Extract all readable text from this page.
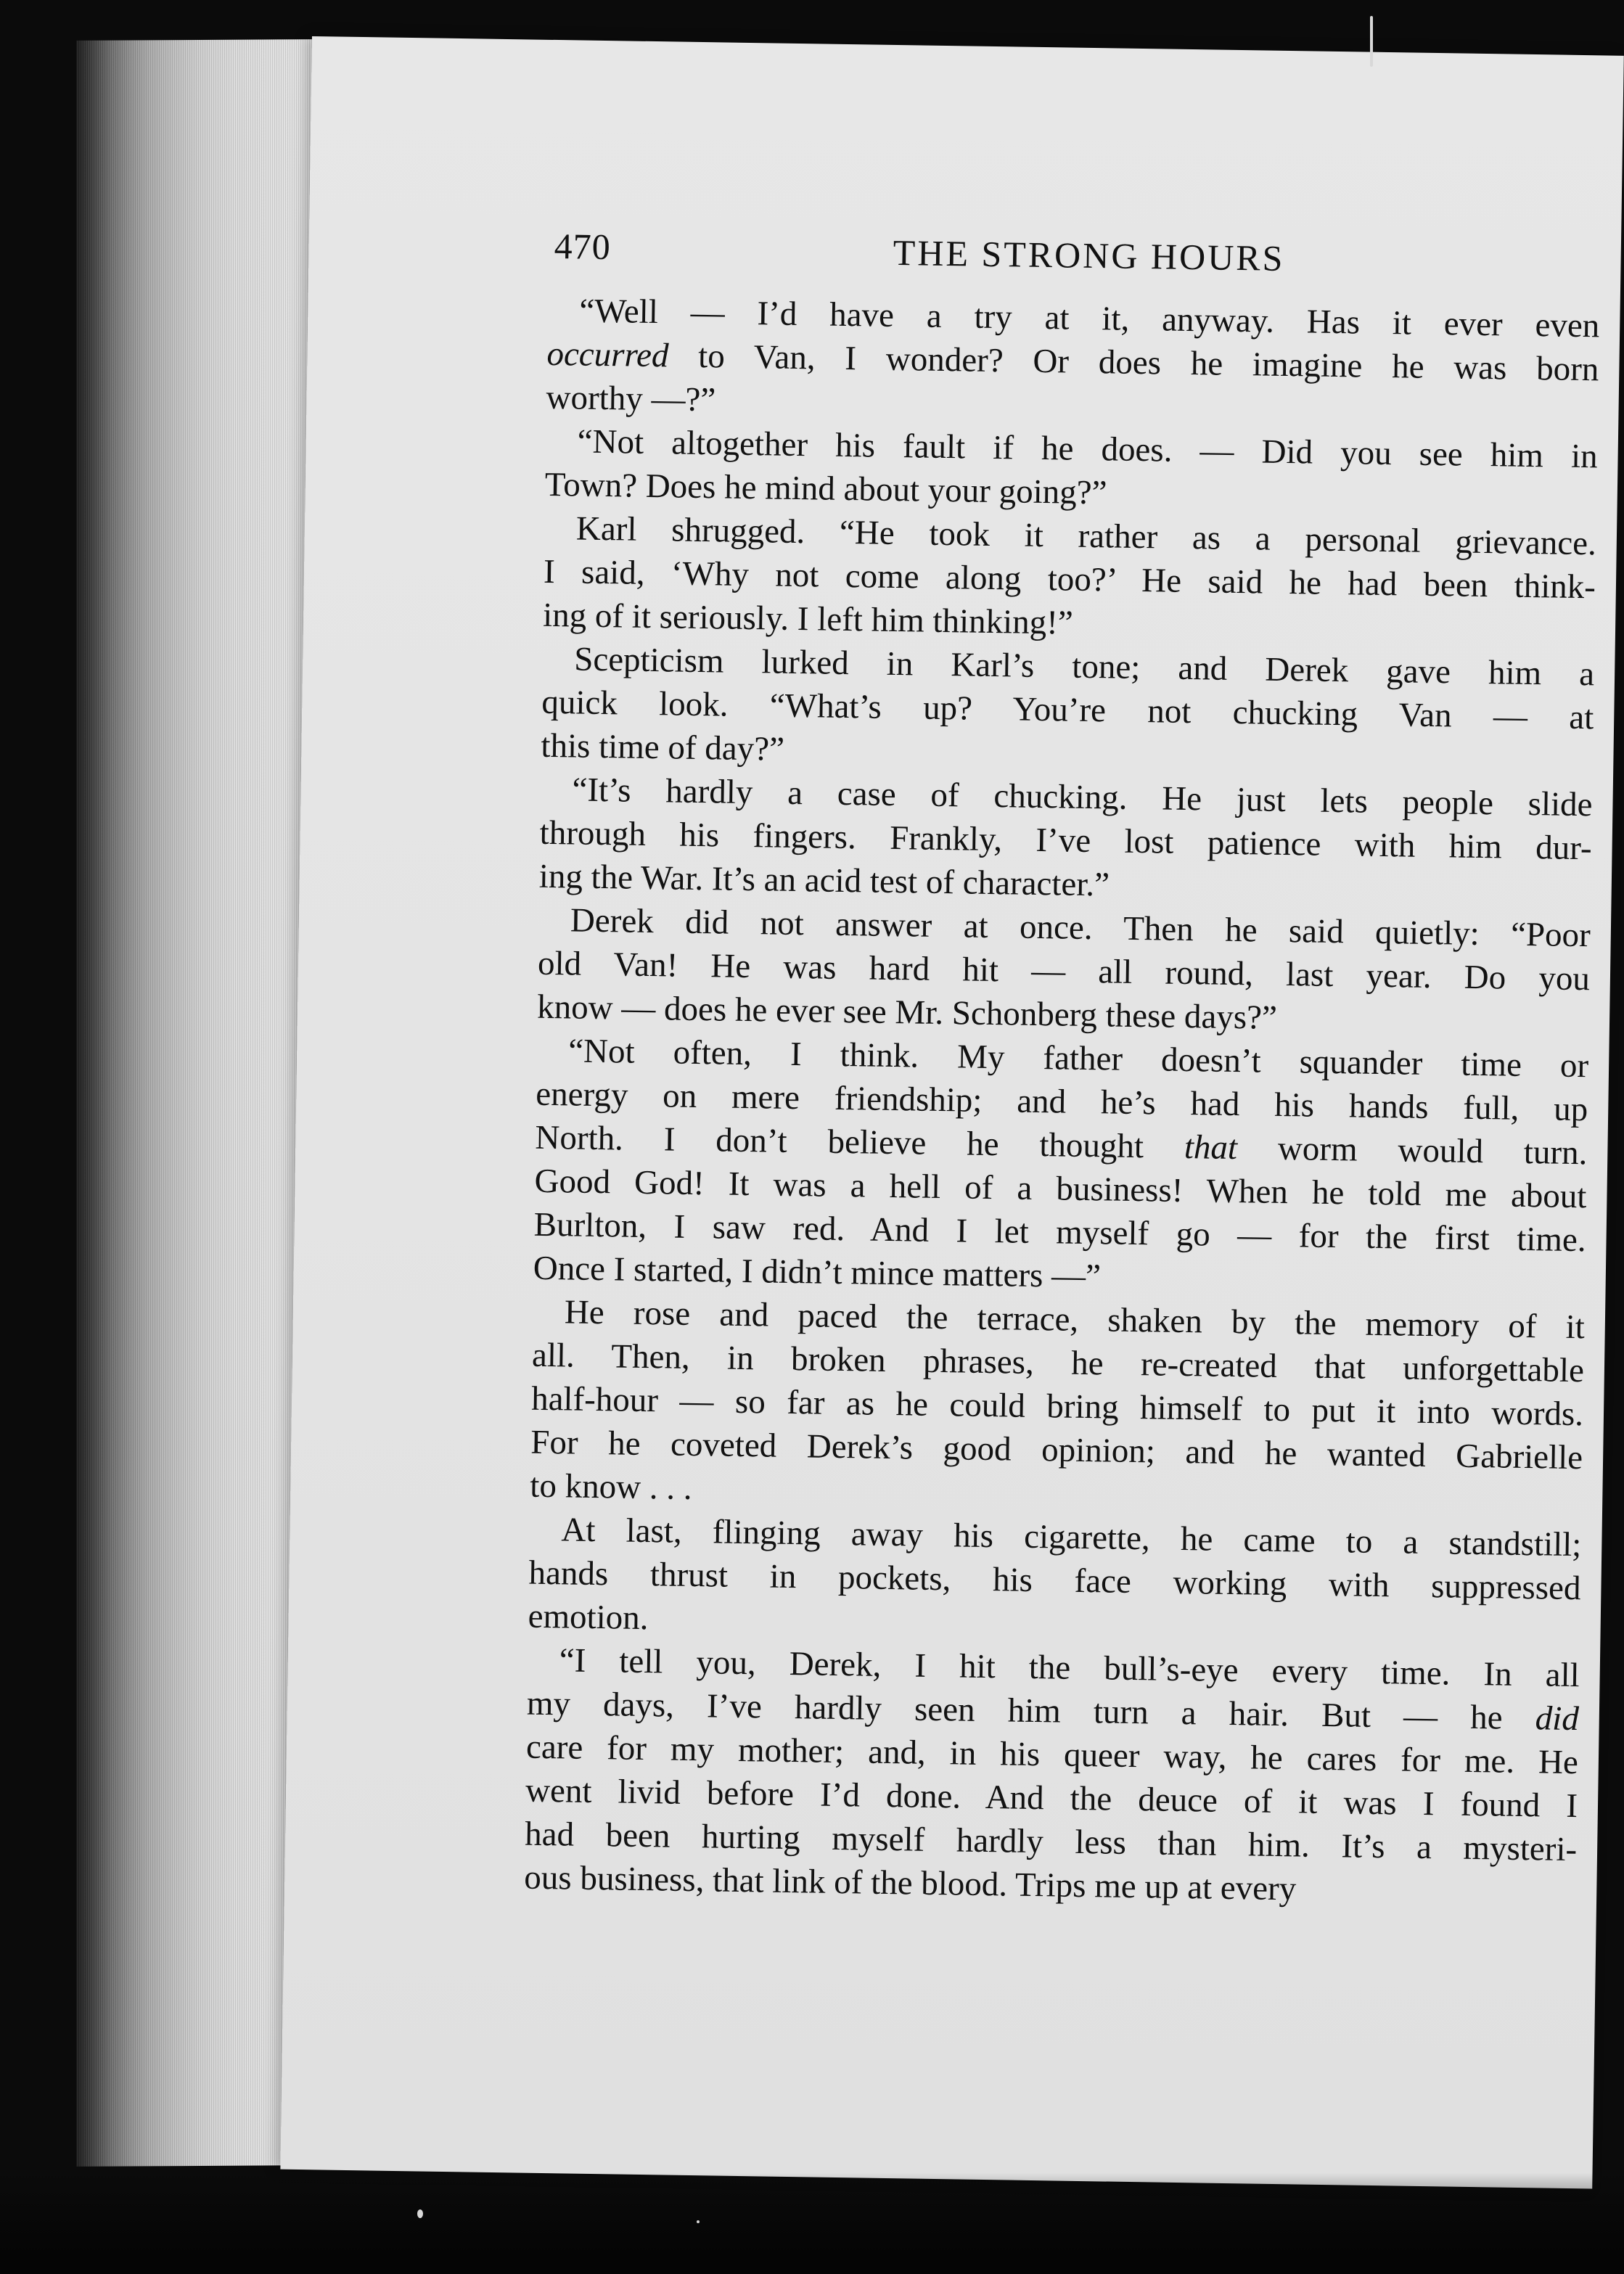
470	THE STRONG HOURS

“Well — I’d have a try at it, anyway. Has it ever even
occurred to Van, I wonder? Or does he imagine he was born
worthy —?”

“Not altogether his fault if he does. — Did you see him in
Town? Does he mind about your going?”

Karl shrugged. “He took it rather as a personal grievance.
I said, ‘Why not come along too?’ He said he had been think-
ing of it seriously. I left him thinking!”

Scepticism lurked in Karl’s tone; and Derek gave him a
quick look. “What’s up? You’re not chucking Van — at
this time of day?”

“It’s hardly a case of chucking. He just lets people slide
through his fingers. Frankly, I’ve lost patience with him dur-
ing the War. It’s an acid test of character.”

Derek did not answer at once. Then he said quietly: “Poor
old Van! He was hard hit — all round, last year. Do you
know — does he ever see Mr. Schonberg these days?”

“Not often, I think. My father doesn’t squander time or
energy on mere friendship; and he’s had his hands full, up
North. I don’t believe he thought that worm would turn.
Good God! It was a hell of a business! When he told me about
Burlton, I saw red. And I let myself go — for the first time.
Once I started, I didn’t mince matters —”

He rose and paced the terrace, shaken by the memory of it
all. Then, in broken phrases, he re-created that unforgettable
half-hour — so far as he could bring himself to put it into words.
For he coveted Derek’s good opinion; and he wanted Gabrielle
to know . . .

At last, flinging away his cigarette, he came to a standstill;
hands thrust in pockets, his face working with suppressed
emotion.

“I tell you, Derek, I hit the bull’s-eye every time. In all
my days, I’ve hardly seen him turn a hair. But — he did
care for my mother; and, in his queer way, he cares for me. He
went livid before I’d done. And the deuce of it was I found I
had been hurting myself hardly less than him. It’s a mysteri-
ous business, that link of the blood. Trips me up at every
